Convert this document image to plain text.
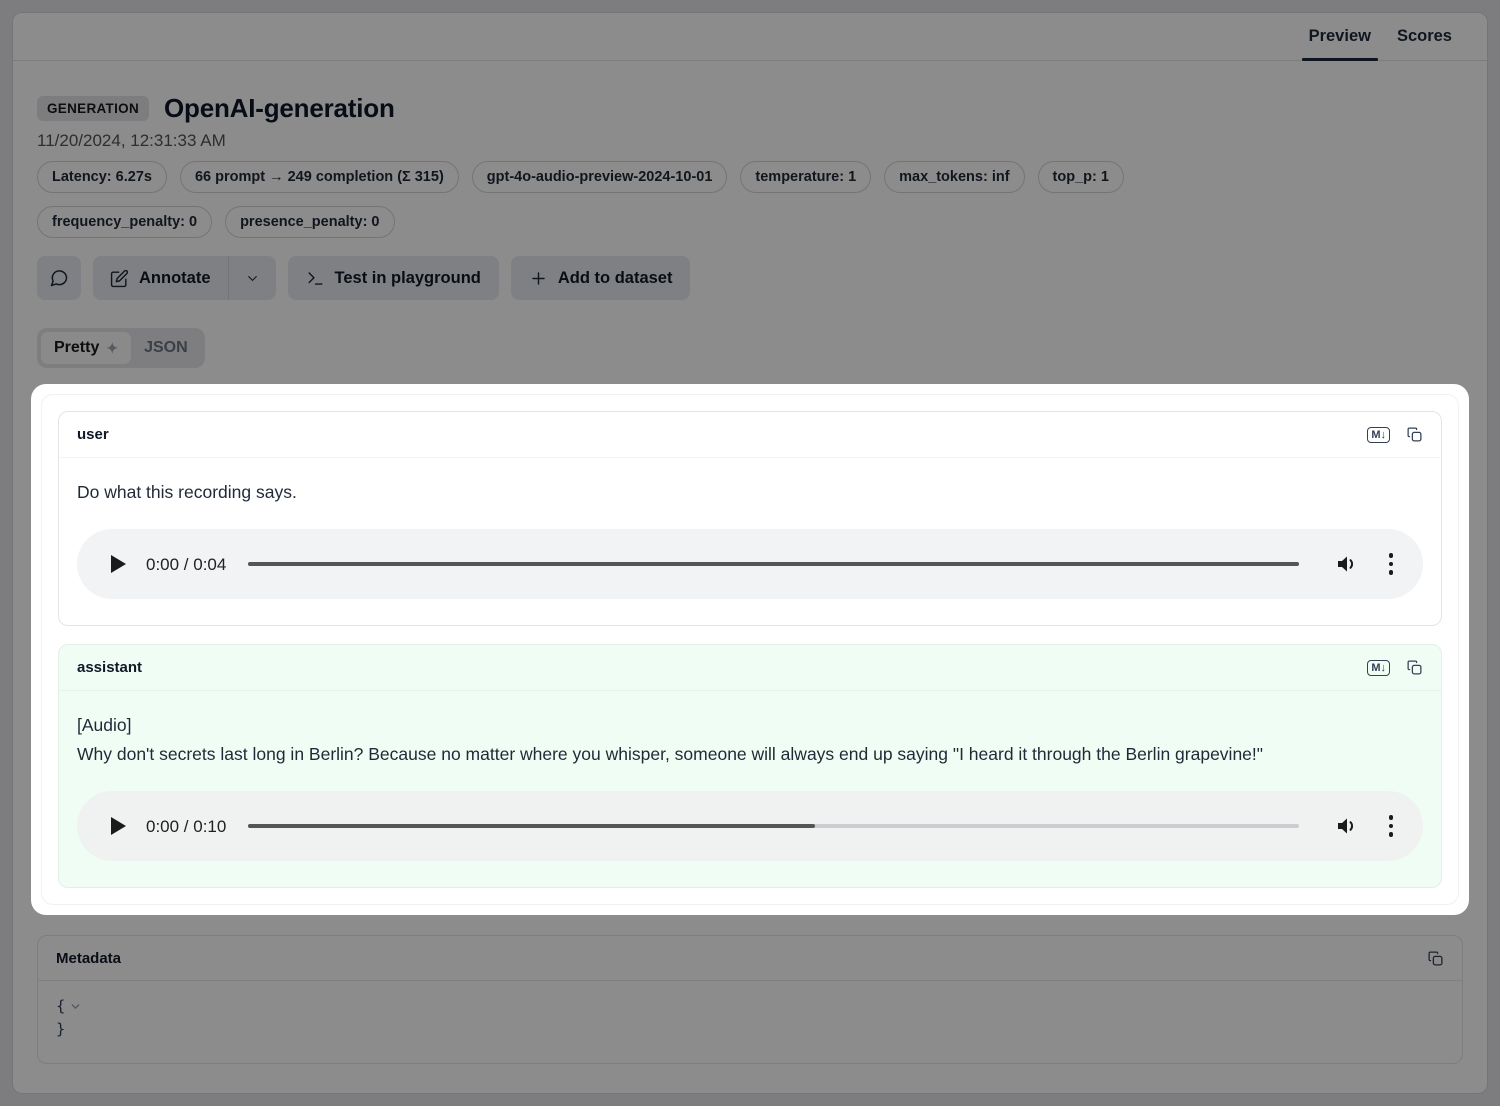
Preview	Scores
GENERATION OpenAI-generation
11/20/2024, 12:31:33 AM
Latency: 6.27s	66 prompt → 249 completion (Σ 315)	gpt-4o-audio-preview-2024-10-01	temperature: 1	max_tokens: inf	top_p: 1
frequency_penalty: 0	presence_penalty: 0
Annotate	Test in playground	Add to dataset
Pretty ✦	JSON
user	M↓
Do what this recording says.
0:00 / 0:04
assistant	M↓
[Audio]
Why don't secrets last long in Berlin? Because no matter where you whisper, someone will always end up saying "I heard it through the Berlin grapevine!"
0:00 / 0:10
Metadata
{
}
